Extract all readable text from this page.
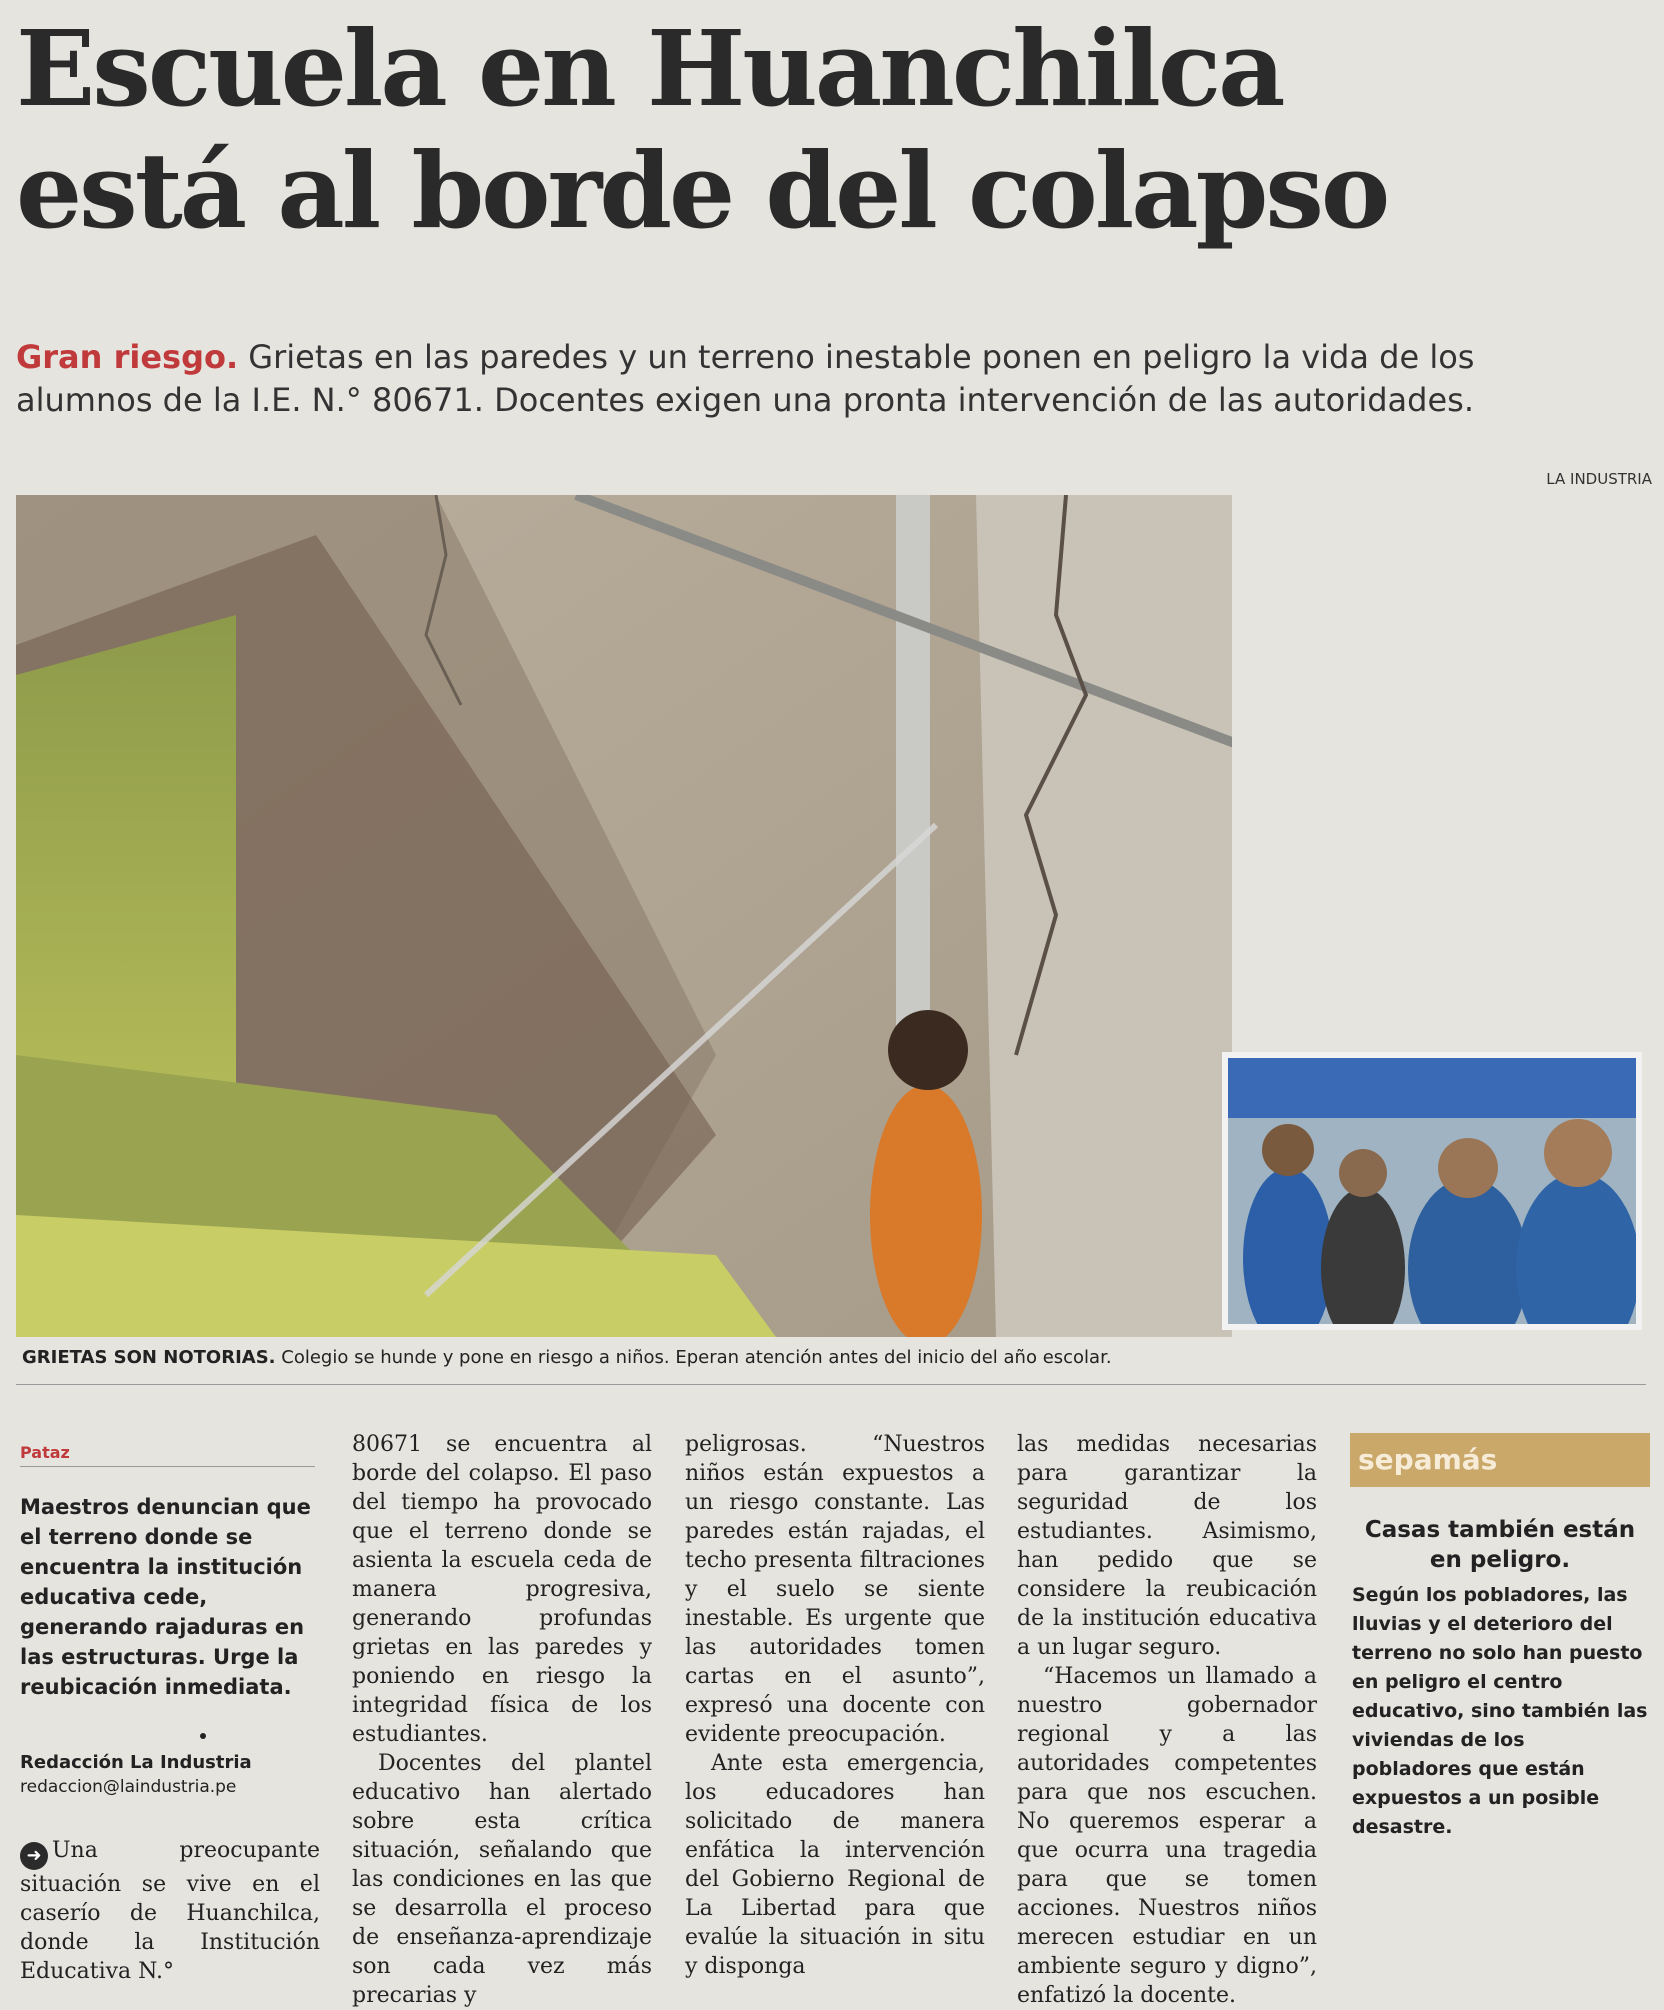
Escuela en Huanchilca
está al borde del colapso
Gran riesgo. Grietas en las paredes y un terreno inestable ponen en peligro la vida de los alumnos de la I.E. N.° 80671. Docentes exigen una pronta intervención de las autoridades.
LA INDUSTRIA
GRIETAS SON NOTORIAS. Colegio se hunde y pone en riesgo a niños. Eperan atención antes del inicio del año escolar.
Pataz
Maestros denuncian que el terreno donde se encuentra la institución educativa cede, generando rajaduras en las estructuras. Urge la reubicación inmediata.
Redacción La Industria
redaccion@laindustria.pe

➜ Una preocupante situación se vive en el caserío de Huanchilca, donde la Institución Educativa N.°

80671 se encuentra al borde del colapso. El paso del tiempo ha provocado que el terreno donde se asienta la escuela ceda de manera progresiva, generando profundas grietas en las paredes y poniendo en riesgo la integridad física de los estudiantes.

Docentes del plantel educativo han alertado sobre esta crítica situación, señalando que las condiciones en las que se desarrolla el proceso de enseñanza-aprendizaje son cada vez más precarias y

peligrosas. “Nuestros niños están expuestos a un riesgo constante. Las paredes están rajadas, el techo presenta filtraciones y el suelo se siente inestable. Es urgente que las autoridades tomen cartas en el asunto”, expresó una docente con evidente preocupación.

Ante esta emergencia, los educadores han solicitado de manera enfática la intervención del Gobierno Regional de La Libertad para que evalúe la situación in situ y disponga

las medidas necesarias para garantizar la seguridad de los estudiantes. Asimismo, han pedido que se considere la reubicación de la institución educativa a un lugar seguro.

“Hacemos un llamado a nuestro gobernador regional y a las autoridades competentes para que nos escuchen. No queremos esperar a que ocurra una tragedia para que se tomen acciones. Nuestros niños merecen estudiar en un ambiente seguro y digno”, enfatizó la docente.

sepamás
Casas también están en peligro.
Según los pobladores, las lluvias y el deterioro del terreno no solo han puesto en peligro el centro educativo, sino también las viviendas de los pobladores que están expuestos a un posible desastre.
